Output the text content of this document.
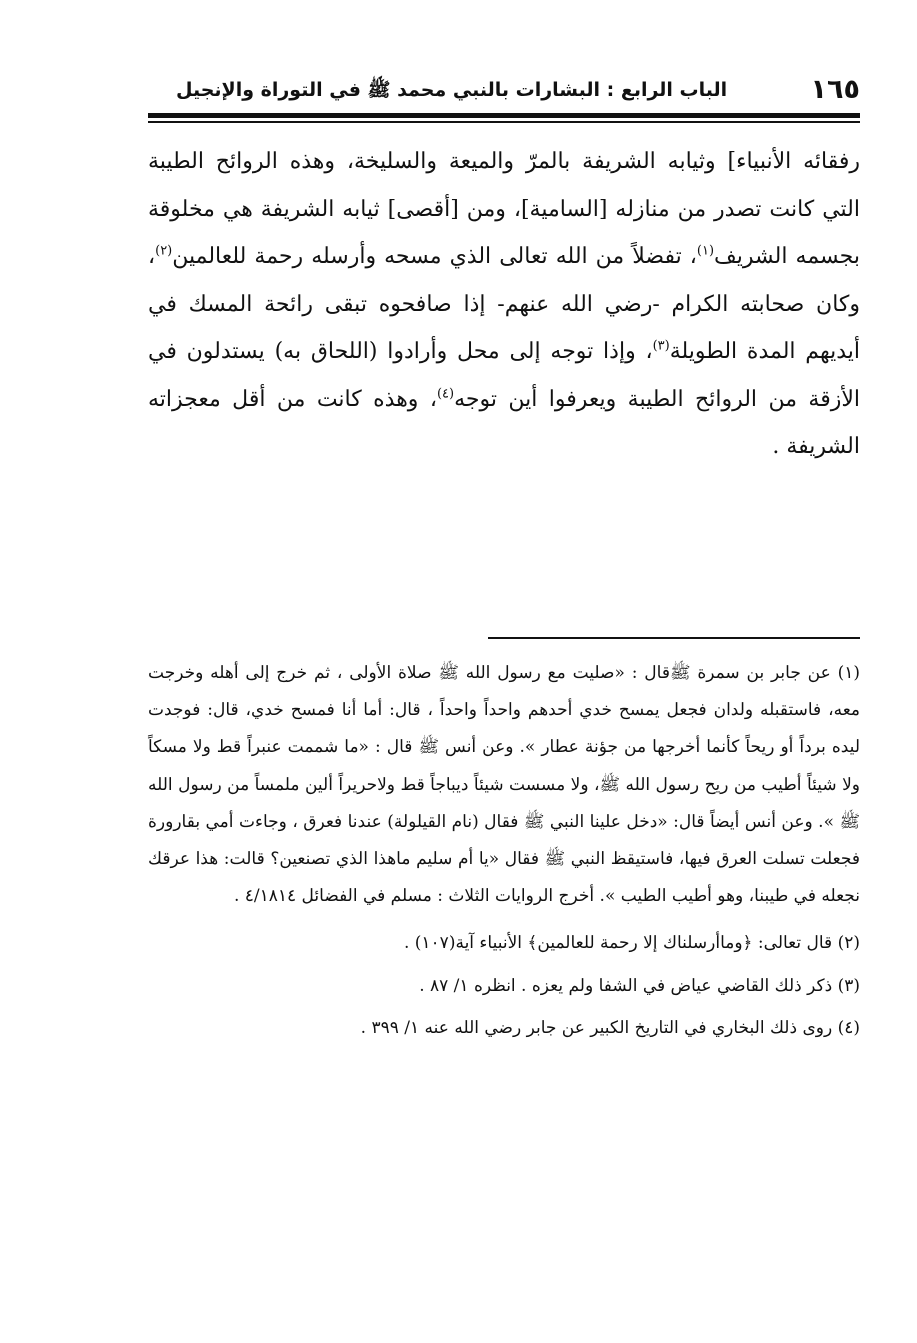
١٦٥
الباب الرابع : البشارات بالنبي محمد ﷺ في التوراة والإنجيل

رفقائه الأنبياء] وثيابه الشريفة بالمرّ والميعة والسليخة، وهذه الروائح الطيبة التي كانت تصدر من منازله [السامية]، ومن [أقصى] ثيابه الشريفة هي مخلوقة بجسمه الشريف$^{(١)}$، تفضلاً من الله تعالى الذي مسحه وأرسله رحمة للعالمين$^{(٢)}$، وكان صحابته الكرام -رضي الله عنهم- إذا صافحوه تبقى رائحة المسك في أيديهم المدة الطويلة$^{(٣)}$، وإذا توجه إلى محل وأرادوا (اللحاق به) يستدلون في الأزقة من الروائح الطيبة ويعرفوا أين توجه$^{(٤)}$، وهذه كانت من أقل معجزاته الشريفة .

(١) عن جابر بن سمرة ﷺقال : «صليت مع رسول الله ﷺ صلاة الأولى ، ثم خرج إلى أهله وخرجت معه، فاستقبله ولدان فجعل يمسح خدي أحدهم واحداً واحداً ، قال: أما أنا فمسح خدي، قال: فوجدت ليده برداً أو ريحاً كأنما أخرجها من جؤنة عطار ». وعن أنس ﷺ قال : «ما شممت عنبراً قط ولا مسكاً ولا شيئاً أطيب من ريح رسول الله ﷺ، ولا مسست شيئاً ديباجاً قط ولاحريراً ألين ملمساً من رسول الله ﷺ ». وعن أنس أيضاً قال: «دخل علينا النبي ﷺ فقال (نام القيلولة) عندنا فعرق ، وجاءت أمي بقارورة فجعلت تسلت العرق فيها، فاستيقظ النبي ﷺ فقال «يا أم سليم ماهذا الذي تصنعين؟ قالت: هذا عرقك نجعله في طيبنا، وهو أطيب الطيب ». أخرج الروايات الثلاث : مسلم في الفضائل ٤/١٨١٤ .

(٢) قال تعالى: ﴿وماأرسلناك إلا رحمة للعالمين﴾ الأنبياء آية(١٠٧) .

(٣) ذكر ذلك القاضي عياض في الشفا ولم يعزه . انظره ١/ ٨٧ .

(٤) روى ذلك البخاري في التاريخ الكبير عن جابر رضي الله عنه ١/ ٣٩٩ .
